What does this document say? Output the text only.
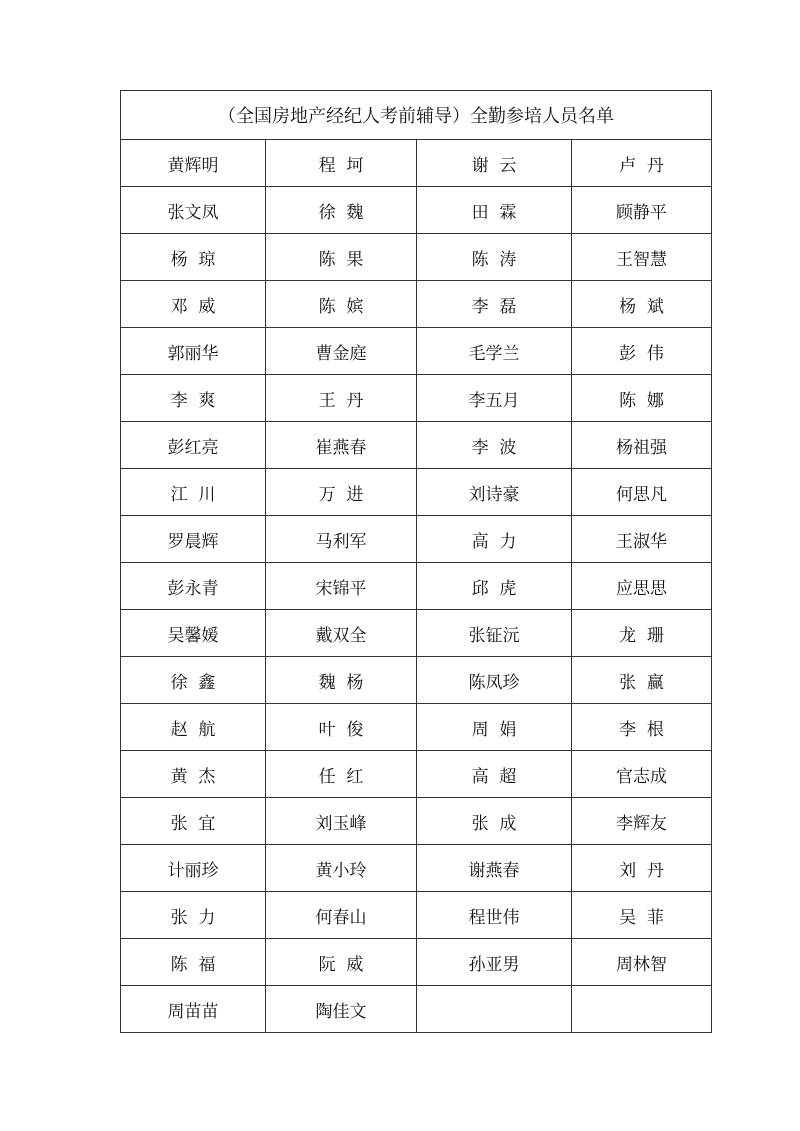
（全国房地产经纪人考前辅导）全勤参培人员名单			
黄辉明	程  坷	谢  云	卢  丹
张文凤	徐  魏	田  霖	顾静平
杨  琼	陈  果	陈  涛	王智慧
邓  威	陈  嫔	李  磊	杨  斌
郭丽华	曹金庭	毛学兰	彭  伟
李  爽	王  丹	李五月	陈  娜
彭红亮	崔燕春	李  波	杨祖强
江  川	万  进	刘诗豪	何思凡
罗晨辉	马利军	高  力	王淑华
彭永青	宋锦平	邱  虎	应思思
吴馨媛	戴双全	张钲沅	龙  珊
徐  鑫	魏  杨	陈凤珍	张  赢
赵  航	叶  俊	周  娟	李  根
黄  杰	任  红	高  超	官志成
张  宜	刘玉峰	张  成	李辉友
计丽珍	黄小玲	谢燕春	刘  丹
张  力	何春山	程世伟	吴  菲
陈  福	阮  威	孙亚男	周林智
周苗苗	陶佳文		
